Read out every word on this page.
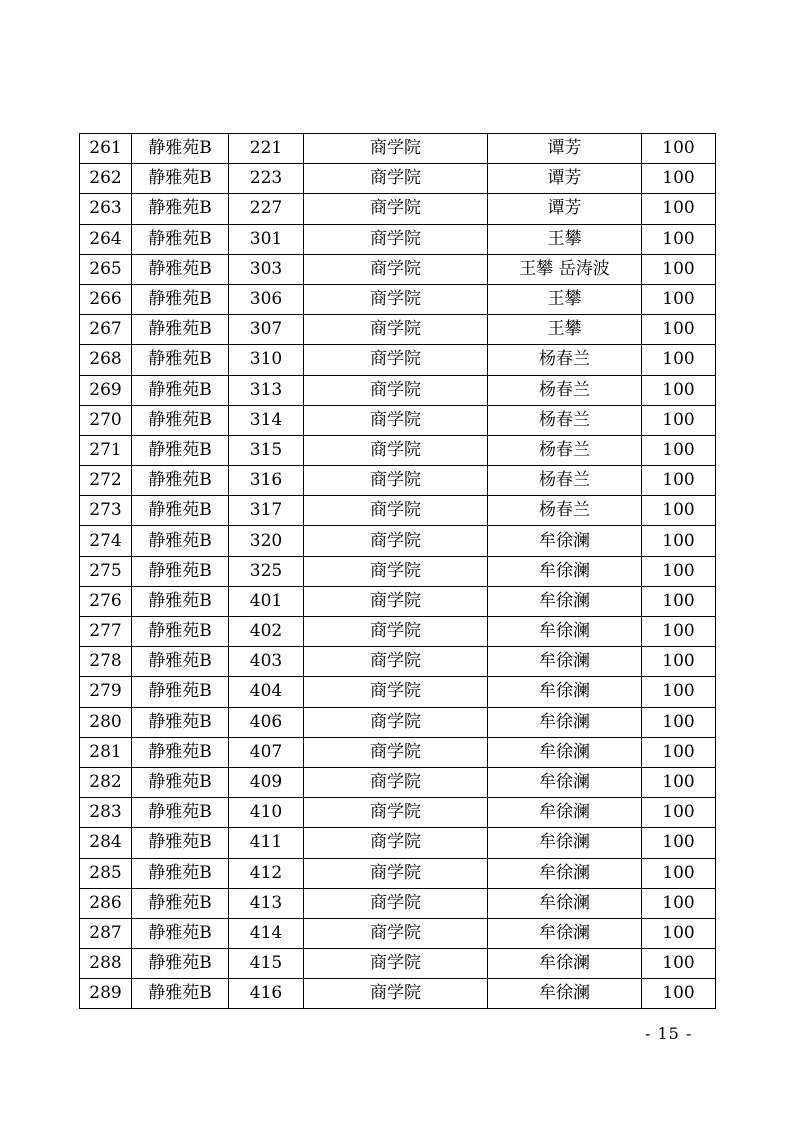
261	静雅苑B	221	商学院	谭芳	100
262	静雅苑B	223	商学院	谭芳	100
263	静雅苑B	227	商学院	谭芳	100
264	静雅苑B	301	商学院	王攀	100
265	静雅苑B	303	商学院	王攀 岳涛波	100
266	静雅苑B	306	商学院	王攀	100
267	静雅苑B	307	商学院	王攀	100
268	静雅苑B	310	商学院	杨春兰	100
269	静雅苑B	313	商学院	杨春兰	100
270	静雅苑B	314	商学院	杨春兰	100
271	静雅苑B	315	商学院	杨春兰	100
272	静雅苑B	316	商学院	杨春兰	100
273	静雅苑B	317	商学院	杨春兰	100
274	静雅苑B	320	商学院	牟徐澜	100
275	静雅苑B	325	商学院	牟徐澜	100
276	静雅苑B	401	商学院	牟徐澜	100
277	静雅苑B	402	商学院	牟徐澜	100
278	静雅苑B	403	商学院	牟徐澜	100
279	静雅苑B	404	商学院	牟徐澜	100
280	静雅苑B	406	商学院	牟徐澜	100
281	静雅苑B	407	商学院	牟徐澜	100
282	静雅苑B	409	商学院	牟徐澜	100
283	静雅苑B	410	商学院	牟徐澜	100
284	静雅苑B	411	商学院	牟徐澜	100
285	静雅苑B	412	商学院	牟徐澜	100
286	静雅苑B	413	商学院	牟徐澜	100
287	静雅苑B	414	商学院	牟徐澜	100
288	静雅苑B	415	商学院	牟徐澜	100
289	静雅苑B	416	商学院	牟徐澜	100
- 15 -
